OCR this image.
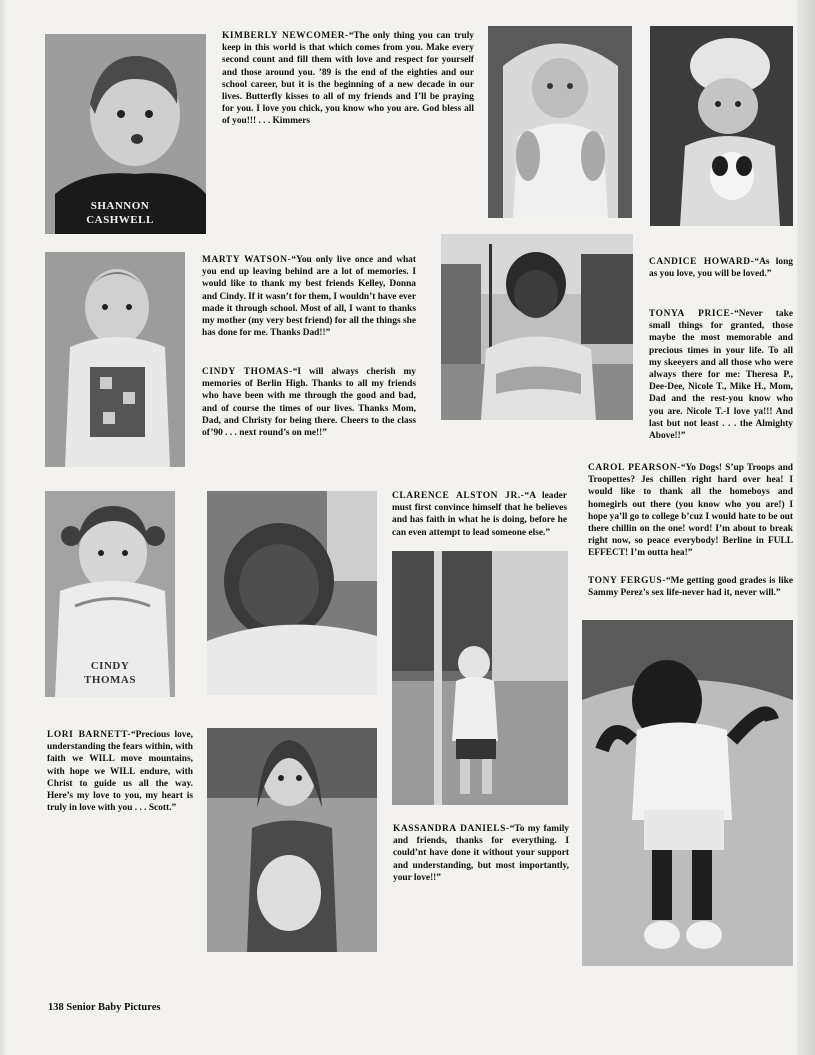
SHANNON
CASHWELL
KIMBERLY NEWCOMER-“The only thing you can truly keep in this world is that which comes from you. Make every second count and fill them with love and respect for yourself and those around you. ’89 is the end of the eighties and our school career, but it is the beginning of a new decade in our lives. Butterfly kisses to all of my friends and I’ll be praying for you. I love you chick, you know who you are. God bless all of you!!! . . . Kimmers
MARTY WATSON-“You only live once and what you end up leaving behind are a lot of memories. I would like to thank my best friends Kelley, Donna and Cindy. If it wasn’t for them, I wouldn’t have ever made it through school. Most of all, I want to thanks my mother (my very best friend) for all the things she has done for me. Thanks Dad!!”
CINDY THOMAS-“I will always cherish my memories of Berlin High. Thanks to all my friends who have been with me through the good and bad, and of course the times of our lives. Thanks Mom, Dad, and Christy for being there. Cheers to the class of’90 . . . next round’s on me!!”
CANDICE HOWARD-“As long as you love, you will be loved.”
TONYA PRICE-“Never take small things for granted, those maybe the most memorable and precious times in your life. To all my skeeyers and all those who were always there for me: Theresa P., Dee-Dee, Nicole T., Mike H., Mom, Dad and the rest-you know who you are. Nicole T.-I love ya!!! And last but not least . . . the Almighty Above!!”
CAROL PEARSON-“Yo Dogs! S’up Troops and Troopettes? Jes chillen right hard over hea! I would like to thank all the homeboys and homegirls out there (you know who you are!) I hope ya’ll go to college b’cuz I would hate to be out there chillin on the one! word! I’m about to break right now, so peace everybody! Berline in FULL EFFECT! I’m outta hea!”
CINDY
THOMAS
CLARENCE ALSTON JR.-“A leader must first convince himself that he believes and has faith in what he is doing, before he can even attempt to lead someone else.”
TONY FERGUS-“Me getting good grades is like Sammy Perez’s sex life-never had it, never will.”
LORI BARNETT-“Precious love, understanding the fears within, with faith we WILL move mountains, with hope we WILL endure, with Christ to guide us all the way. Here’s my love to you, my heart is truly in love with you . . . Scott.”
KASSANDRA DANIELS-“To my family and friends, thanks for everything. I could’nt have done it without your support and understanding, but most importantly, your love!!”
138 Senior Baby Pictures
